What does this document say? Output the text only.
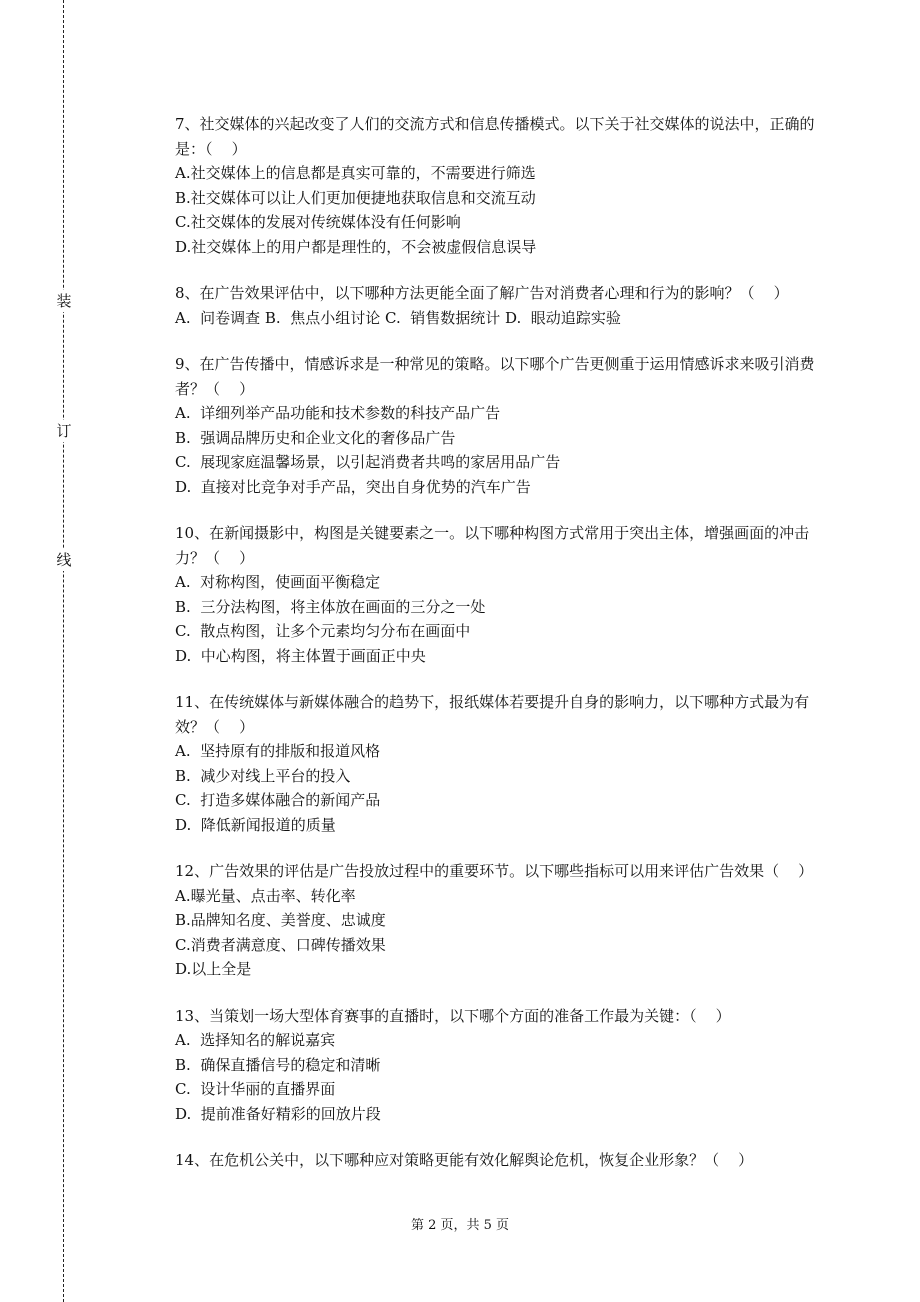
装
订
线
7、社交媒体的兴起改变了人们的交流方式和信息传播模式。以下关于社交媒体的说法中，正确的是：（    ）
A.社交媒体上的信息都是真实可靠的，不需要进行筛选
B.社交媒体可以让人们更加便捷地获取信息和交流互动
C.社交媒体的发展对传统媒体没有任何影响
D.社交媒体上的用户都是理性的，不会被虚假信息误导
8、在广告效果评估中，以下哪种方法更能全面了解广告对消费者心理和行为的影响？（    ）
A.  问卷调查 B.  焦点小组讨论 C.  销售数据统计 D.  眼动追踪实验
9、在广告传播中，情感诉求是一种常见的策略。以下哪个广告更侧重于运用情感诉求来吸引消费者？（    ）
A.  详细列举产品功能和技术参数的科技产品广告
B.  强调品牌历史和企业文化的奢侈品广告
C.  展现家庭温馨场景，以引起消费者共鸣的家居用品广告
D.  直接对比竞争对手产品，突出自身优势的汽车广告
10、在新闻摄影中，构图是关键要素之一。以下哪种构图方式常用于突出主体，增强画面的冲击力？（    ）
A.  对称构图，使画面平衡稳定
B.  三分法构图，将主体放在画面的三分之一处
C.  散点构图，让多个元素均匀分布在画面中
D.  中心构图，将主体置于画面正中央
11、在传统媒体与新媒体融合的趋势下，报纸媒体若要提升自身的影响力，以下哪种方式最为有效？（    ）
A.  坚持原有的排版和报道风格
B.  减少对线上平台的投入
C.  打造多媒体融合的新闻产品
D.  降低新闻报道的质量
12、广告效果的评估是广告投放过程中的重要环节。以下哪些指标可以用来评估广告效果（    ）
A.曝光量、点击率、转化率
B.品牌知名度、美誉度、忠诚度
C.消费者满意度、口碑传播效果
D.以上全是
13、当策划一场大型体育赛事的直播时，以下哪个方面的准备工作最为关键：（    ）
A.  选择知名的解说嘉宾
B.  确保直播信号的稳定和清晰
C.  设计华丽的直播界面
D.  提前准备好精彩的回放片段
14、在危机公关中，以下哪种应对策略更能有效化解舆论危机，恢复企业形象？（    ）
第 2 页，共 5 页
